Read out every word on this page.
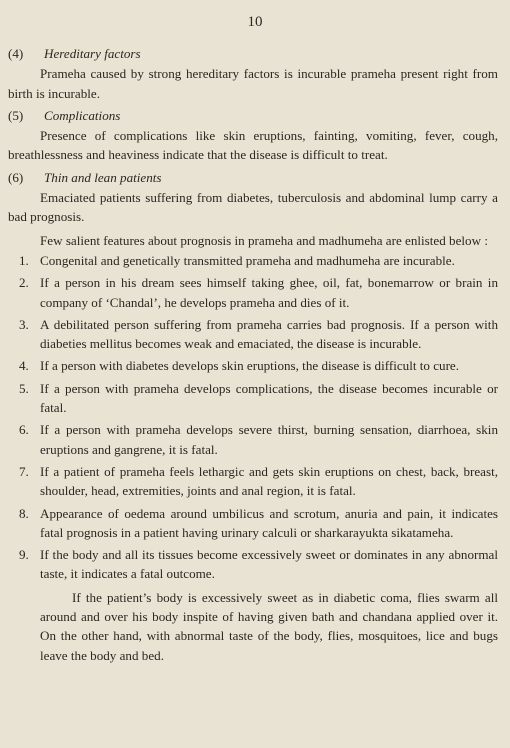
10

(4) Hereditary factors

Prameha caused by strong hereditary factors is incurable prameha present right from birth is incurable.

(5) Complications

Presence of complications like skin eruptions, fainting, vomiting, fever, cough, breathlessness and heaviness indicate that the disease is difficult to treat.

(6) Thin and lean patients

Emaciated patients suffering from diabetes, tuberculosis and abdominal lump carry a bad prognosis.

Few salient features about prognosis in prameha and madhumeha are enlisted below :

1. Congenital and genetically transmitted prameha and madhumeha are incurable.
2. If a person in his dream sees himself taking ghee, oil, fat, bonemarrow or brain in company of ‘Chandal’, he develops prameha and dies of it.
3. A debilitated person suffering from prameha carries bad prognosis. If a person with diabeties mellitus becomes weak and emaciated, the disease is incurable.
4. If a person with diabetes develops skin eruptions, the disease is difficult to cure.
5. If a person with prameha develops complications, the disease becomes incurable or fatal.
6. If a person with prameha develops severe thirst, burning sensation, diarrhoea, skin eruptions and gangrene, it is fatal.
7. If a patient of prameha feels lethargic and gets skin eruptions on chest, back, breast, shoulder, head, extremities, joints and anal region, it is fatal.
8. Appearance of oedema around umbilicus and scrotum, anuria and pain, it indicates fatal prognosis in a patient having urinary calculi or sharkarayukta sikatameha.
9. If the body and all its tissues become excessively sweet or dominates in any abnormal taste, it indicates a fatal outcome.

If the patient’s body is excessively sweet as in diabetic coma, flies swarm all around and over his body inspite of having given bath and chandana applied over it. On the other hand, with abnormal taste of the body, flies, mosquitoes, lice and bugs leave the body and bed.
